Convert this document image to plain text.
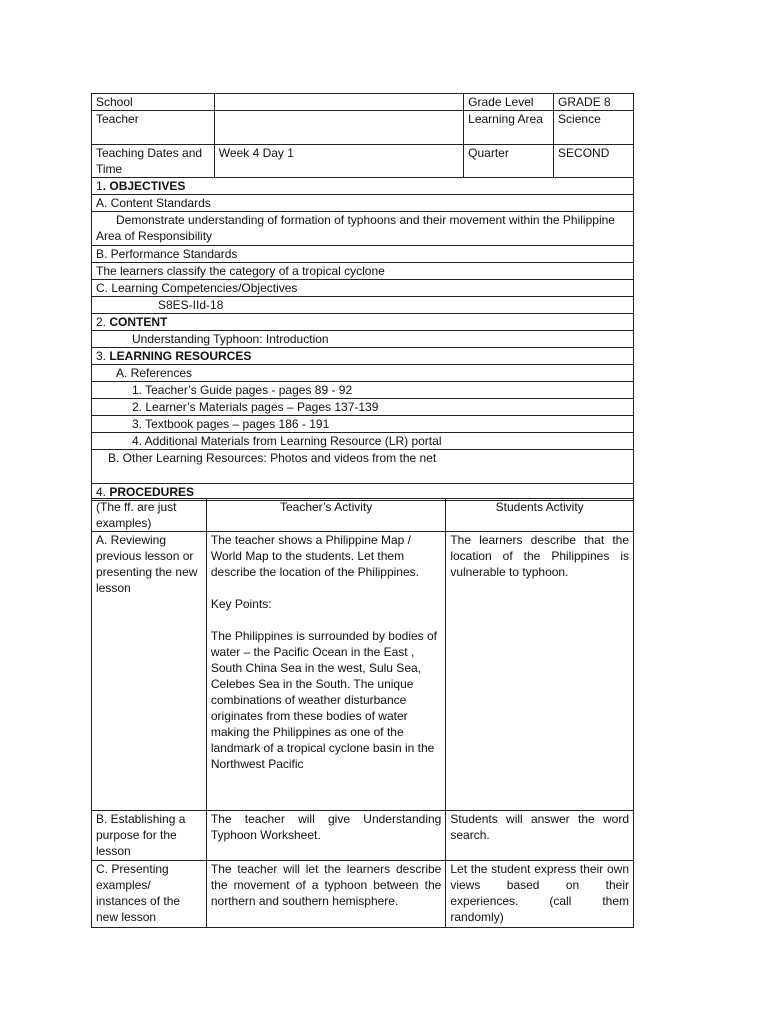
School		Grade Level	GRADE 8
Teacher		Learning Area	Science
Teaching Dates and Time	Week 4 Day 1	Quarter	SECOND
1. OBJECTIVES
A. Content Standards
Demonstrate understanding of formation of typhoons and their movement within the Philippine Area of Responsibility
B. Performance Standards
The learners classify the category of a tropical cyclone
C. Learning Competencies/Objectives
S8ES-IId-18
2. CONTENT
Understanding Typhoon: Introduction
3. LEARNING RESOURCES
A. References
1. Teacher’s Guide pages - pages 89 - 92
2. Learner’s Materials pages – Pages 137-139
3. Textbook pages – pages 186 - 191
4. Additional Materials from Learning Resource (LR) portal
B. Other Learning Resources: Photos and videos from the net
4. PROCEDURES
(The ff. are just examples)	Teacher’s Activity	Students Activity
A. Reviewing previous lesson or presenting the new lesson	The teacher shows a Philippine Map / World Map to the students. Let them describe the location of the Philippines.
Key Points:
The Philippines is surrounded by bodies of water – the Pacific Ocean in the East , South China Sea in the west, Sulu Sea, Celebes Sea in the South. The unique combinations of weather disturbance originates from these bodies of water making the Philippines as one of the landmark of a tropical cyclone basin in the Northwest Pacific	The learners describe that the location of the Philippines is vulnerable to typhoon.
B. Establishing a purpose for the lesson	The teacher will give Understanding Typhoon Worksheet.	Students will answer the word search.
C. Presenting examples/ instances of the new lesson	The teacher will let the learners describe the movement of a typhoon between the northern and southern hemisphere.	Let the student express their own views based on their experiences. (call them randomly)
